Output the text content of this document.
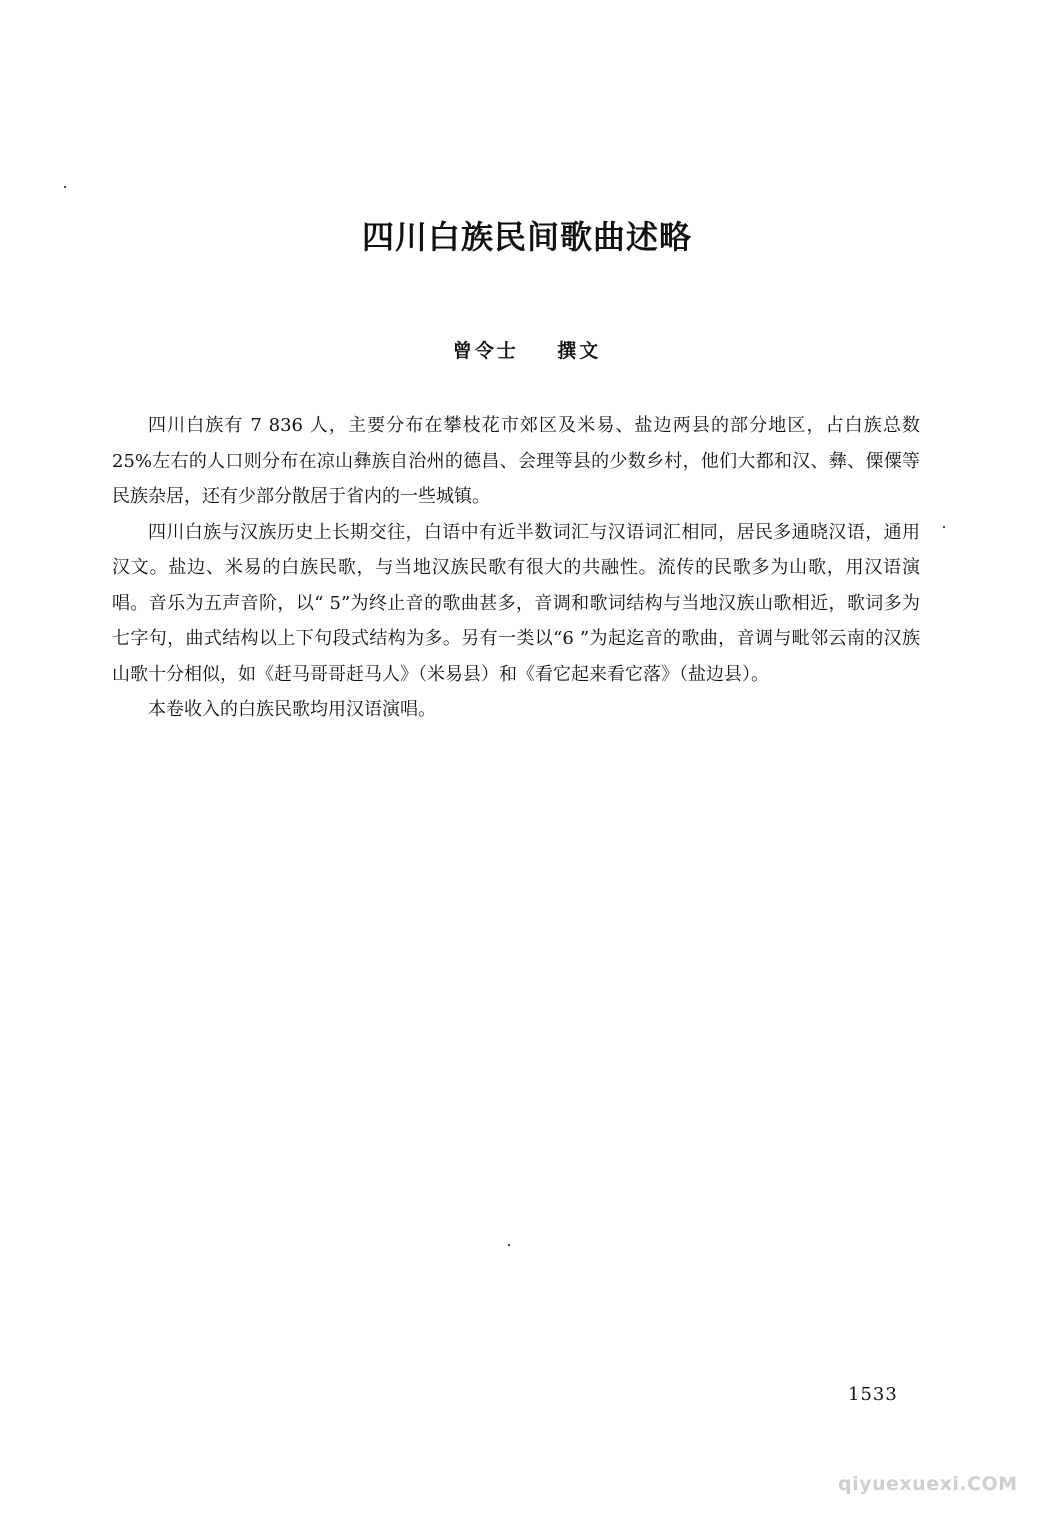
四川白族民间歌曲述略
曾令士    撰文

四川白族有 7 836 人，主要分布在攀枝花市郊区及米易、盐边两县的部分地区，占白族总数 25%左右的人口则分布在凉山彝族自治州的德昌、会理等县的少数乡村，他们大都和汉、彝、傈僳等民族杂居，还有少部分散居于省内的一些城镇。

四川白族与汉族历史上长期交往，白语中有近半数词汇与汉语词汇相同，居民多通晓汉语，通用汉文。盐边、米易的白族民歌，与当地汉族民歌有很大的共融性。流传的民歌多为山歌，用汉语演唱。音乐为五声音阶，以“ 5”为终止音的歌曲甚多，音调和歌词结构与当地汉族山歌相近，歌词多为七字句，曲式结构以上下句段式结构为多。另有一类以“6 ”为起迄音的歌曲，音调与毗邻云南的汉族山歌十分相似，如《赶马哥哥赶马人》（米易县）和《看它起来看它落》（盐边县）。

本卷收入的白族民歌均用汉语演唱。

1533
qiyuexuexi.COM
